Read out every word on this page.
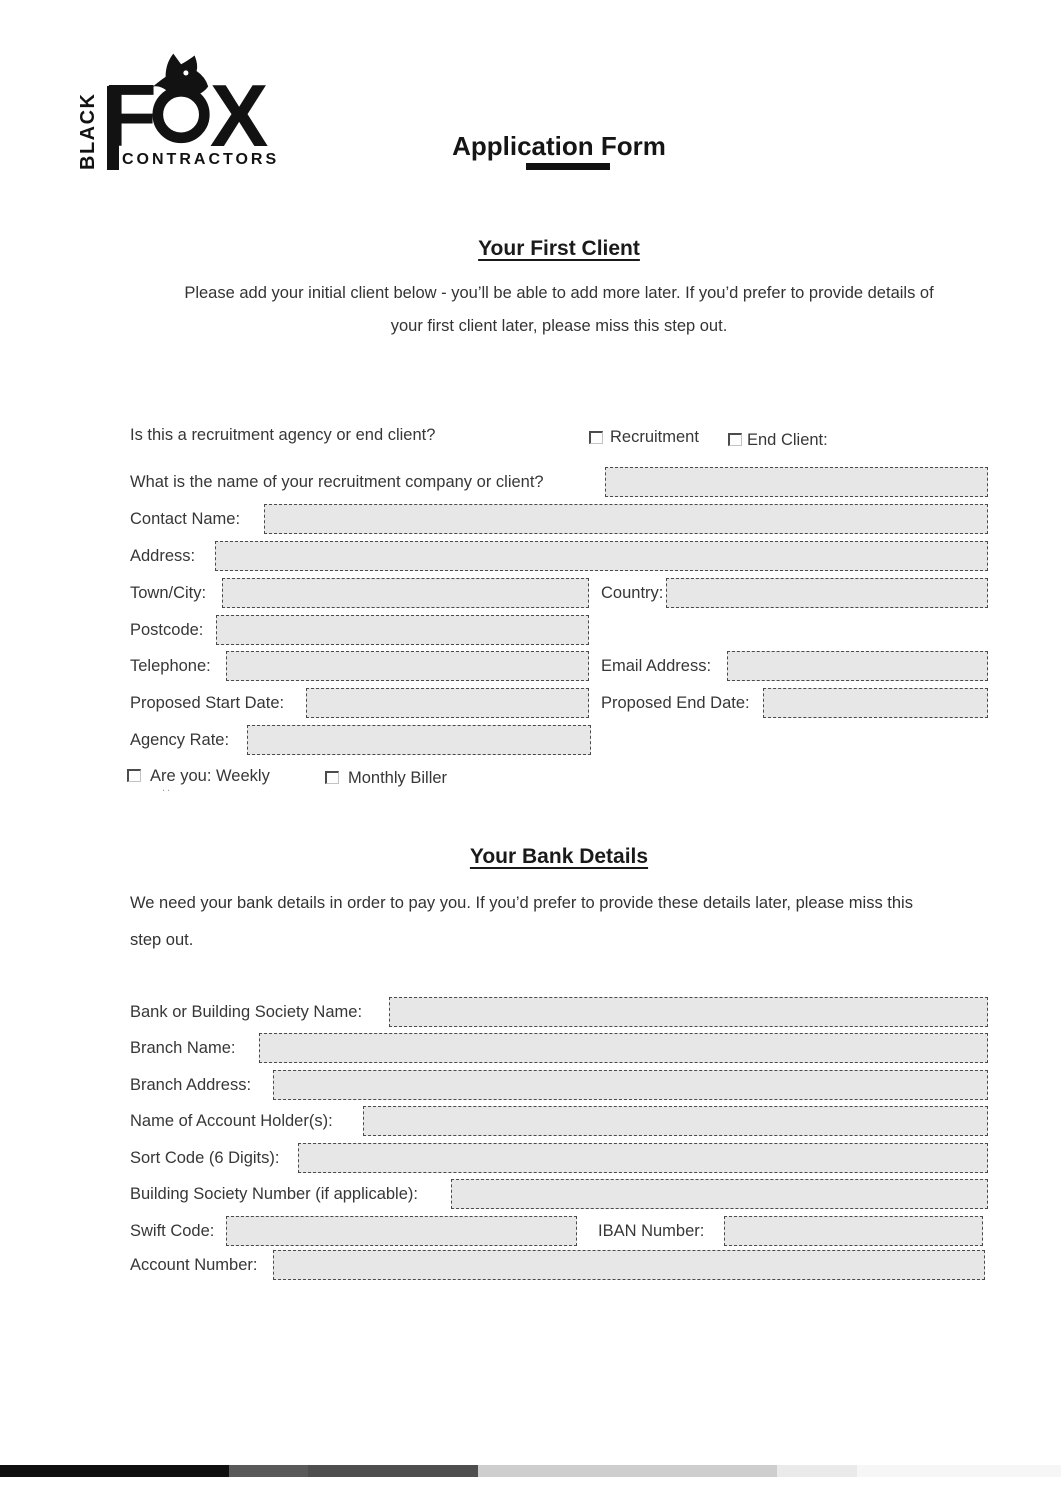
BLACK F X
CONTRACTORS	Application Form
Your First Client
Please add your initial client below - you’ll be able to add more later. If you’d prefer to provide details of
your first client later, please miss this step out.
Is this a recruitment agency or end client?	Recruitment	End Client:
What is the name of your recruitment company or client?
Contact Name:
Address:
Town/City:	Country:
Postcode:
Telephone:	Email Address:
Proposed Start Date:	Proposed End Date:
Agency Rate:
Are you: Weekly	Monthly Biller
..
Your Bank Details
We need your bank details in order to pay you. If you’d prefer to provide these details later, please miss this
step out.
Bank or Building Society Name:
Branch Name:
Branch Address:
Name of Account Holder(s):
Sort Code (6 Digits):
Building Society Number (if applicable):
Swift Code:	IBAN Number:
Account Number:
